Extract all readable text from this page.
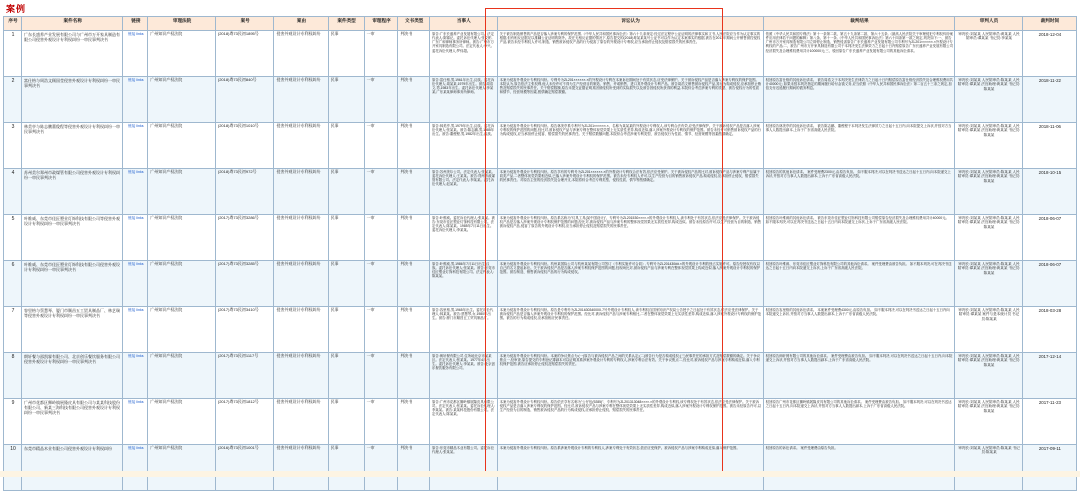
案例
序号	案件名称	链接	审理法院	案号	案由	案件类型	审理程序	文书类型	当事人	诉讼认为	裁判结果	审判人员	裁判时间
1	广东长盛养产业发展有限公司与广州市万开家具制造有限公司侵害外观设计专利权纠纷一审民事判决书	链接 links	广州知识产权法院	(2018)粤73民初1895号	侵害外观设计专利权纠纷	民事	一审	判决书	原告:广东长盛养产业发展有限公司。法定代表人:陈锦记。委托诉讼代理人:张文彬,广东广和律师事务所律师。被告:广州市万开家具制造有限公司。法定代表人:李兴。委托诉讼代理人:罗伟超。	关于被告制造销售的产品是否落入涉案专利的保护范围,《中华人民共和国民事诉讼法》第六十九条规定:经过法定程序公证证明的法律事实和文书,人民法院应当作为认定事实的根据,但有相反证据足以推翻公证证明的除外。故在无相反证据的情况下,原告提交的(2018)粤某某某号公证书可以作为认定本案事实的根据,被告在2011年期间公开销售被控侵权产品,被告未经专利权人许可,制造、销售被诉侵权产品的行为侵害了原告的外观设计专利权,应当承担停止侵权及赔偿损失的民事责任。	依照《中华人民共和国专利法》第十一条第二款、第五十九条第二款、第六十五条,《最高人民法院关于审理侵犯专利权纠纷案件应用法律若干问题的解释》第八条、第十一条,《中华人民共和国民事诉讼法》第六十四条第一款之规定,判决如下:一、被告广州市万开家具制造有限公司立即停止制造、销售侵害原告广东长盛养产业发展有限公司专利号为ZL201××××××.×外观设计专利权的产品;二、被告广州市万开家具制造有限公司于本判决发生法律效力之日起十日内赔偿原告广东长盛养产业发展有限公司经济损失及合理维权费用共计100000元;三、驳回原告广东长盛养产业发展有限公司的其他诉讼请求。	审判长:刘某某 人民陪审员:黄某某 人民陪审员:谭某某 书记员:李某某	2018-12-04
2	富仕格与周浩文顾国莹侵害外观设计专利权纠纷一审民事判决书	链接 links	广州知识产权法院	(2018)粤73民初840号	侵害外观设计专利权纠纷	民事	一审	判决书	原告:富仕格,男,1961年出生,汉族。委托诉讼代理人:周某某,1979年出生。被告:周浩文,男,1983年出生。委托诉讼代理人:李某某,广东某某律师事务所律师。	本案为侵害外观设计专利权纠纷。专利号为ZL201××××××.×的外观设计专利在本案诉讼期间处于有效状态,应受法律保护。关于被诉侵权产品是否落入涉案专利权的保护范围。本院认为,原告依法主张权利,他人未经许可不得为生产经营目的制造、销售、许诺销售、进口其外观设计专利产品。被告周浩文销售被诉侵权产品,其行为构成侵权,应承担停止销售及赔偿损失的民事责任。关于赔偿数额,原告未提交证据证明其因被侵权所受到的实际损失以及被告因侵权所获得的利益,本院综合考虑涉案专利的类型、被告侵权行为的性质和情节、经营规模等因素,酌情确定赔偿数额。	驳回原告富仕格的其他诉讼请求。 被告周浩文于本判决发生法律效力之日起十日内赔偿原告富仕格经济损失及合理维权费用共计40000元; 如果未按本判决指定的期间履行给付金钱义务,应当依照《中华人民共和国民事诉讼法》第二百五十三条之规定,加倍支付迟延履行期间的债务利息。	审判长:刘某某 人民陪审员:陈某某 人民陪审员:谭某某 法官助理:黄某某 书记员:陈某某	2018-11-22
3	林美亭与陈志鹏董俊程等侵害外观设计专利权纠纷一审民事判决书	链接 links	广州知识产权法院	(2018)粤73民初1010号	侵害外观设计专利权纠纷	民事	一审	判决书	原告:林美亭,男,1979年出生,汉族。委托诉讼代理人:张某某。被告:陈志鹏,男,1985年出生。被告:董俊程,男,1982年出生,汉族。	本案为侵害外观设计专利权纠纷。原告林美亭系专利号为ZL201××××××.×、名称为某某某的外观设计专利权人,该专利合法有效,应受法律保护。关于被诉侵权产品是否落入涉案专利权的保护范围的问题,经比对,被诉侵权产品与涉案专利在整体视觉效果上无实质性差异,构成近似,落入涉案外观设计专利权的保护范围。被告未经许可销售被诉侵权产品的行为构成侵权,应当承担停止侵害、赔偿损失的民事责任。关于赔偿数额问题,本院综合考虑涉案专利类型、被告侵权行为性质、情节、经营规模等因素酌情确定。	驳回原告林美亭的其他诉讼请求。 被告陈志鹏、董俊程于本判决发生法律效力之日起十五日内,向本院提交上诉状,并按对方当事人人数提出副本,上诉于广东省高级人民法院。	审判长:刘某某 人民陪审员:陈某某 人民陪审员:谭某某 法官助理:黄某某 书记员:陈某某	2018-11-06
4	苏州美尔郑州市政煤管有限公司侵害外观设计专利权纠纷一审民事判决书	链接 links	广州知识产权法院	(2018)粤73民初972号	侵害外观设计专利权纠纷	民事	一审	判决书	原告:苏州美尔公司。法定代表人:张某某。委托诉讼代理人:王某某。被告:郑州市政煤管有限公司。法定代表人:李某某。委托诉讼代理人:赵某某。	本案为侵害外观设计专利权纠纷。原告享有的专利号为ZL201××××××.×的外观设计专利权合法有效,依法应受保护。关于被诉侵权产品的比对,被诉侵权产品与涉案专利产品属于同类产品,二者整体视觉效果相近似,已落入涉案外观设计专利权的保护范围。被告未经专利权人许可,以生产经营为目的销售被诉侵权产品,构成侵权,应承担停止侵权、赔偿损失的民事责任。对原告主张的经济损失及合理开支,本院将综合考虑专利类型、侵权性质、情节等酌情确定。	驳回原告的其他诉讼请求。 案件受理费2300元,由原告负担。 如不服本判决,可以在判决书送达之日起十五日内,向本院递交上诉状,并按对方当事人人数提出副本,上诉于广东省高级人民法院。	审判长:刘某某 人民陪审员:陈某某 人民陪审员:谭某某 法官助理:黄某某 书记员:陈某某	2018-10-15
5	叶维威、东莞市佳匠塑业灯饰科技有限公司等侵害外观设计专利权纠纷一审民事判决书	链接 links	广州知识产权法院	(2017)粤73民初3286号	侵害外观设计专利权纠纷	民事	一审	判决书	原告:叶维威。委托诉讼代理人:张某某。被告:东莞市佳匠塑业灯饰科技有限公司。法定代表人:陈某某。1985年7月11日出生。委托诉讼代理人:李某某。	本案为侵害外观设计专利权纠纷。原告系名称为"灯具工具(某中国设计)"、专利号为ZL201530××××.×的外观设计专利权人,该专利处于有效状态,依法应受法律保护。关于被诉侵权产品是否落入涉案外观设计专利权保护范围的问题,经比对,被诉侵权产品与涉案专利的整体视觉效果无实质性差异,构成近似。被告未经原告许可,以生产经营为目的制造、销售被诉侵权产品,侵害了原告的外观设计专利权,应当承担停止侵权及赔偿损失的民事责任。	驳回原告叶维威的其他诉讼请求。 被告东莞市佳匠塑业灯饰科技有限公司赔偿原告经济损失及合理维权费用共计40000元。 如不服本判决,可以在判决书送达之日起十五日内向本院递交上诉状,上诉于广东省高级人民法院。	审判长:刘某某 人民陪审员:陈某某 人民陪审员:谭某某 法官助理:黄某某 书记员:陈某某	2018-06-07
6	叶维威、东莞市佳匠塑业灯饰科技有限公司侵害外观设计专利权纠纷一审民事判决书	链接 links	广州知识产权法院	(2017)粤73民初3285号	侵害外观设计专利权纠纷	民事	一审	判决书	原告:叶维威,男,1986年7月11日出生,汉族。委托诉讼代理人:张某某。被告:东莞市佳匠塑业灯饰科技有限公司。法定代表人:陈某某。	本案为侵害外观设计专利权纠纷。杭州某国际公司与杭州某某有限公司签订《专利实施许可合同》,专利号为ZL201430##.×的外观设计专利的独占实施许可。原告经授权有权以自己的名义提起诉讼。关于被诉侵权产品是否落入涉案专利权保护范围的问题,经现场比对,被诉侵权产品与涉案专利在整体视觉效果上构成近似,落入涉案外观设计专利权的保护范围。被告制造、销售被诉侵权产品的行为构成侵权。	驳回原告叶维威、东莞市佳匠塑业灯饰科技有限公司的其他诉讼请求。 案件受理费由被告负担。 如不服本判决,可在判决书送达之日起十五日内向本院递交上诉状,上诉于广东省高级人民法院。	审判长:刘某某 人民陪审员:陈某某 人民陪审员:谭某某 法官助理:黄某某 书记员:陈某某	2018-06-07
7	容里格与蔡慧琴、厦门市顺昌五工贸具制品厂、林艺瑞等侵害外观设计专利权纠纷一审民事判决书	链接 links	广州知识产权法院	(2017)粤73民初3410号	侵害外观设计专利权纠纷	民事	一审	判决书	原告:容里格,男,1965年出生。委托诉讼代理人:林某某。被告:蔡慧琴,女,1980年出生。被告:厦门市顺昌五工贸具制品厂。	本案为侵害外观设计专利权纠纷。原告是专利号为ZL20163034000X.7号外观设计专利权人,该专利权自国家知识产权局公告授予之日起处于有效状态,依法应受法律保护。关于被诉侵权产品是否落入涉案外观设计专利权的保护范围。经比对,被诉侵权产品与涉案专利相比,二者在整体视觉效果上无实质性差异,构成近似,落入涉案外观设计专利权的保护范围。被告的行为构成侵权,应承担相应民事责任。	驳回原告容里格的其他诉讼请求。 本案案件受理费4300元,由原告负担。 如不服本判决,可以在判决书送达之日起十五日内向本院递交上诉状,并按对方当事人人数提出副本,上诉于广东省高级人民法院。	审判长:刘某某 人民陪审员:陈某某 人民陪审员:谭某某 案件与是本统计员 书记员:陈某某	2018-03-28
8	朗轩餐与邵凯霖有限公司、北京创乐餐饮服务有限公司侵害外观设计专利权纠纷一审民事判决书	链接 links	广州知识产权法院	(2017)粤73民初1117号	侵害外观设计专利权纠纷	民事	一审	判决书	原告:朗轩餐有限公司,住所地北京市某某区。法定代表人:张某某。1977年4月出生。委托诉讼代理人:李某某。被告:北京创乐餐饮服务有限公司。	本案为侵害外观设计专利权纠纷。本案的争议焦点为:(一)原告与被诉侵权产品之间的关系认定;(二)被告行为是否构成侵权;(三)民事责任的承担方式及赔偿数额的确定。关于争议焦点一,经审查,原告提交的专利登记簿副本可以证明其系涉案外观设计专利的专利权人,涉案专利合法有效。关于争议焦点二,经比对,被诉侵权产品与涉案专利构成近似,落入专利权保护范围,被告应承担停止侵权及赔偿损失的责任。	驳回原告朗轩餐有限公司的其他诉讼请求。 案件受理费由被告负担。 如不服本判决,可以在判决书送达之日起十五日内,向本院递交上诉状,并按对方当事人人数提出副本,上诉于广东省高级人民法院。	审判长:刘某某 人民陪审员:陈某某 人民陪审员:谭某某 法官助理:黄某某 书记员:陈某某	2017-12-14
9	广州市花都区狮岭镇展隆皮具有限公司与某某科技股份有限公司、新某三海科技有限公司侵害外观设计专利权纠纷一审民事判决书	链接 links	广州知识产权法院	(2017)粤73民初1812号	侵害外观设计专利权纠纷	民事	一审	判决书	原告:广州市花都区狮岭镇展隆皮具有限公司。法定代表人:张某某。委托诉讼代理人:李某某。被告:某某科技股份有限公司。法定代表人:陈某某。	本案为侵害外观设计专利权纠纷。原告依法享有名称为"公仔包(9285)"、专利号为ZL201313048××××.×的外观设计专利权,该专利权处于有效状态,依法应受法律保护。关于被诉侵权产品是否落入涉案专利权的保护范围。经比对,被诉侵权产品与涉案专利在整体视觉效果上无实质性差异,构成近似,落入涉案外观设计专利权保护范围。被告未经原告许可,以生产经营为目的制造、销售被诉侵权产品的行为构成侵权,应承担停止侵权、赔偿损失的民事责任。	驳回原告广州市花都区狮岭镇展隆皮具有限公司的其他诉讼请求。 案件受理费由被告负担。 如不服本判决,可以在判决书送达之日起十五日内,向本院递交上诉状,并按对方当事人人数提出副本,上诉于广东省高级人民法院。	审判长:刘某某 人民陪审员:陈某某 人民陪审员:谭某某 法官助理:黄某某 书记员:陈某某	2017-11-23
10	东莞市精品木业有限公司侵害外观设计专利权纠纷	链接 links	广州知识产权法院	(2016)粤73民初1001号	侵害外观设计专利权纠纷	民事	一审	判决书	原告:东莞市精品木业有限公司。委托诉讼代理人:张某某。	本案为侵害外观设计专利权纠纷。原告系涉案外观设计专利的专利权人,涉案专利处于有效状态,依法应受保护。被诉侵权产品与涉案专利构成近似,落入保护范围。	驳回原告的诉讼请求。 案件受理费由原告负担。	审判长:刘某某 人民陪审员:陈某某 书记员:陈某某	2017-09-11
